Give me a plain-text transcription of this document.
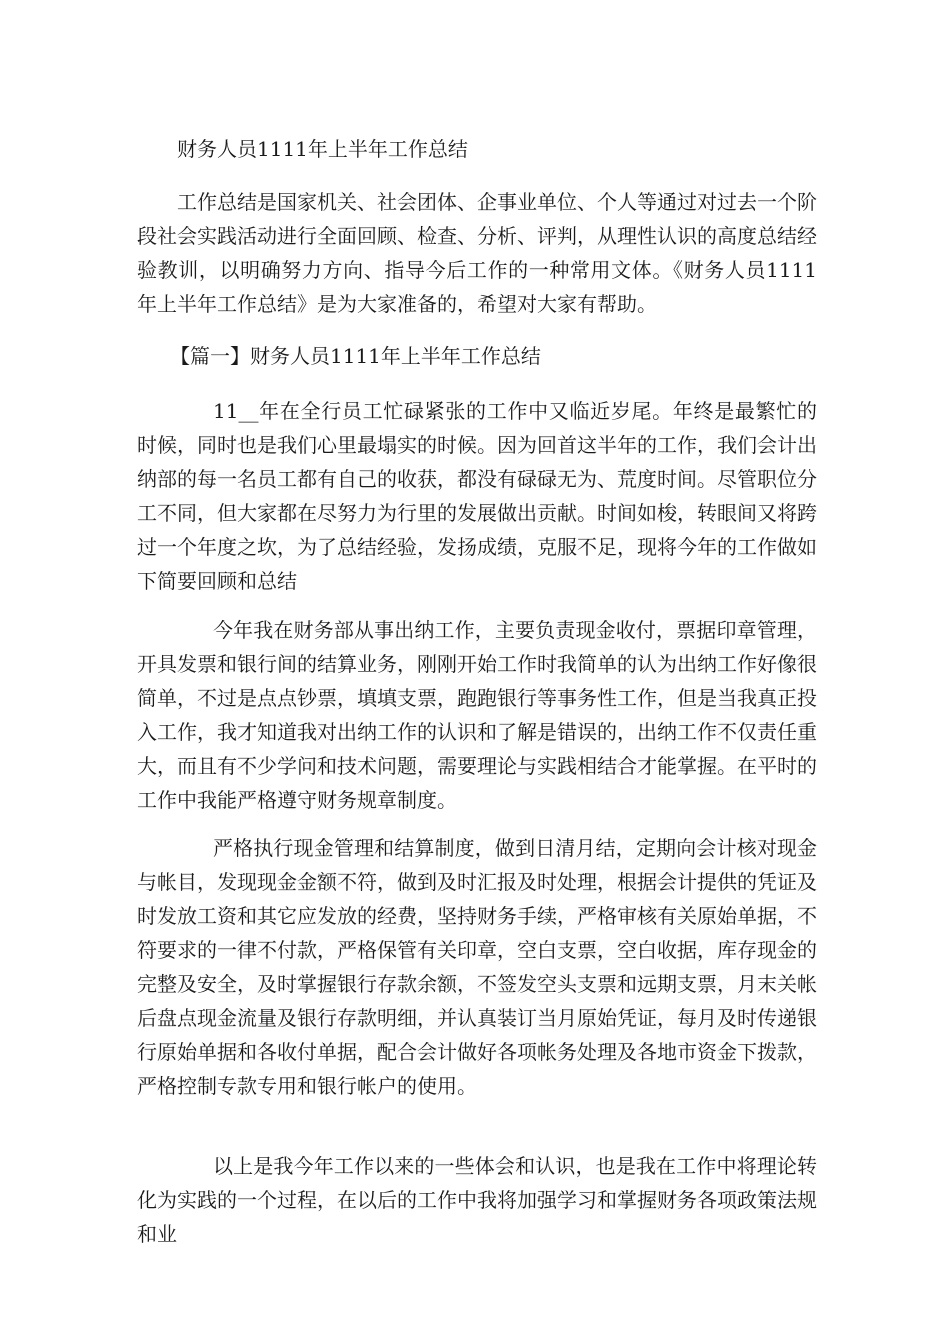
财务人员1111年上半年工作总结

工作总结是国家机关、社会团体、企事业单位、个人等通过对过去一个阶段社会实践活动进行全面回顾、检查、分析、评判，从理性认识的高度总结经验教训，以明确努力方向、指导今后工作的一种常用文体。《财务人员1111年上半年工作总结》是为大家准备的，希望对大家有帮助。

【篇一】财务人员1111年上半年工作总结

11__年在全行员工忙碌紧张的工作中又临近岁尾。年终是最繁忙的时候，同时也是我们心里最塌实的时候。因为回首这半年的工作，我们会计出纳部的每一名员工都有自己的收获，都没有碌碌无为、荒度时间。尽管职位分工不同，但大家都在尽努力为行里的发展做出贡献。时间如梭，转眼间又将跨过一个年度之坎，为了总结经验，发扬成绩，克服不足，现将今年的工作做如下简要回顾和总结

今年我在财务部从事出纳工作，主要负责现金收付，票据印章管理，开具发票和银行间的结算业务，刚刚开始工作时我简单的认为出纳工作好像很简单，不过是点点钞票，填填支票，跑跑银行等事务性工作，但是当我真正投入工作，我才知道我对出纳工作的认识和了解是错误的，出纳工作不仅责任重大，而且有不少学问和技术问题，需要理论与实践相结合才能掌握。在平时的工作中我能严格遵守财务规章制度。

严格执行现金管理和结算制度，做到日清月结，定期向会计核对现金与帐目，发现现金金额不符，做到及时汇报及时处理，根据会计提供的凭证及时发放工资和其它应发放的经费，坚持财务手续，严格审核有关原始单据，不符要求的一律不付款，严格保管有关印章，空白支票，空白收据，库存现金的完整及安全，及时掌握银行存款余额，不签发空头支票和远期支票，月末关帐后盘点现金流量及银行存款明细，并认真装订当月原始凭证，每月及时传递银行原始单据和各收付单据，配合会计做好各项帐务处理及各地市资金下拨款，严格控制专款专用和银行帐户的使用。

以上是我今年工作以来的一些体会和认识，也是我在工作中将理论转化为实践的一个过程，在以后的工作中我将加强学习和掌握财务各项政策法规和业
